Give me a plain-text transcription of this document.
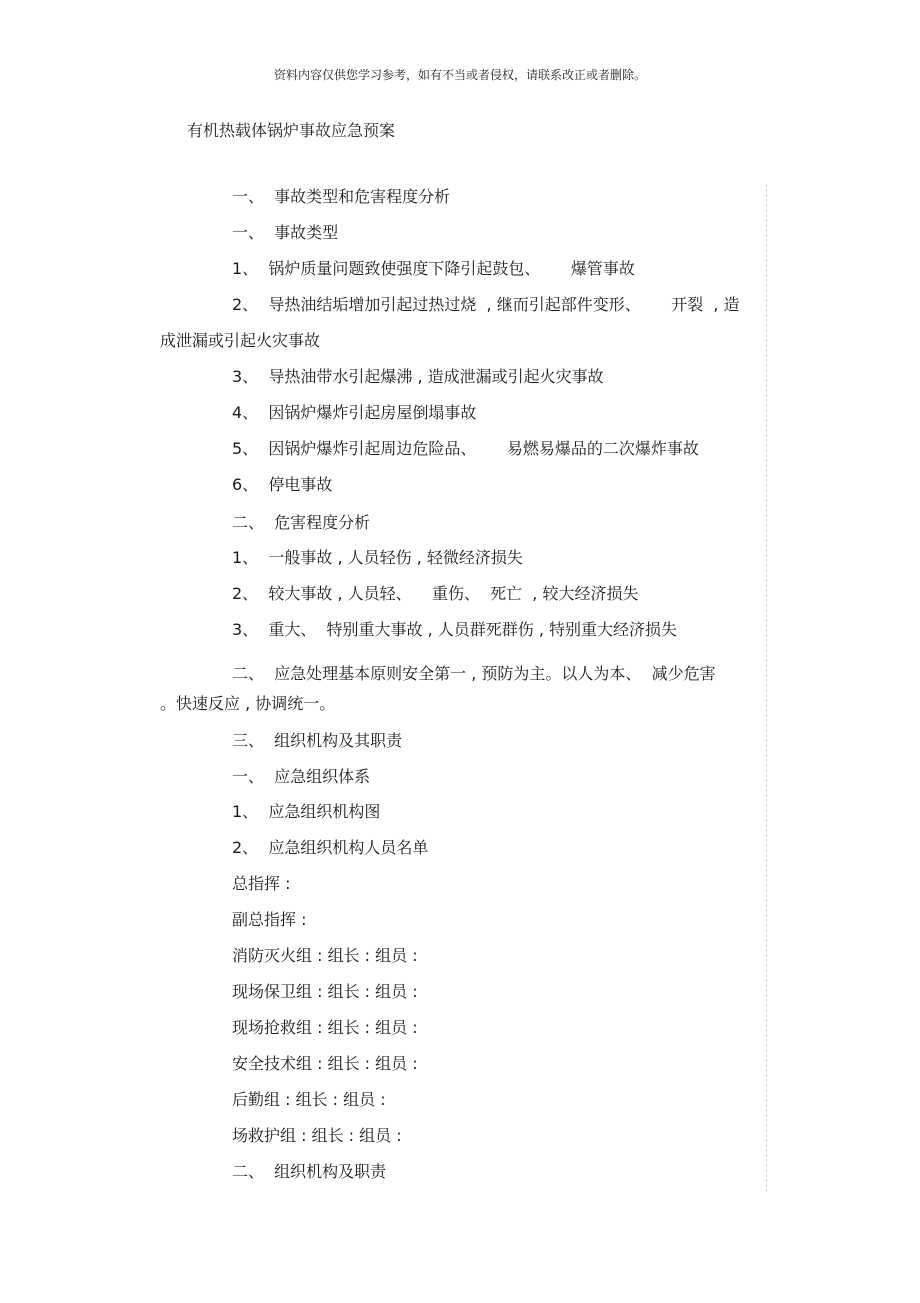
资料内容仅供您学习参考，如有不当或者侵权，请联系改正或者删除。
有机热载体锅炉事故应急预案
一、  事故类型和危害程度分析
一、  事故类型
1、  锅炉质量问题致使强度下降引起鼓包、      爆管事故
2、  导热油结垢增加引起过热过烧  , 继而引起部件变形、      开裂  , 造
成泄漏或引起火灾事故
3、  导热油带水引起爆沸 , 造成泄漏或引起火灾事故
4、  因锅炉爆炸引起房屋倒塌事故
5、  因锅炉爆炸引起周边危险品、      易燃易爆品的二次爆炸事故
6、  停电事故
二、  危害程度分析
1、  一般事故 , 人员轻伤 , 轻微经济损失
2、  较大事故 , 人员轻、    重伤、  死亡  , 较大经济损失
3、  重大、  特别重大事故 , 人员群死群伤 , 特别重大经济损失
二、  应急处理基本原则安全第一 , 预防为主。以人为本、  减少危害
。快速反应 , 协调统一。
三、  组织机构及其职责
一、  应急组织体系
1、  应急组织机构图
2、  应急组织机构人员名单
总指挥 :
副总指挥 :
消防灭火组 : 组长 : 组员 :
现场保卫组 : 组长 : 组员 :
现场抢救组 : 组长 : 组员 :
安全技术组 : 组长 : 组员 :
后勤组 : 组长 : 组员 :
场救护组 : 组长 : 组员 :
二、  组织机构及职责
